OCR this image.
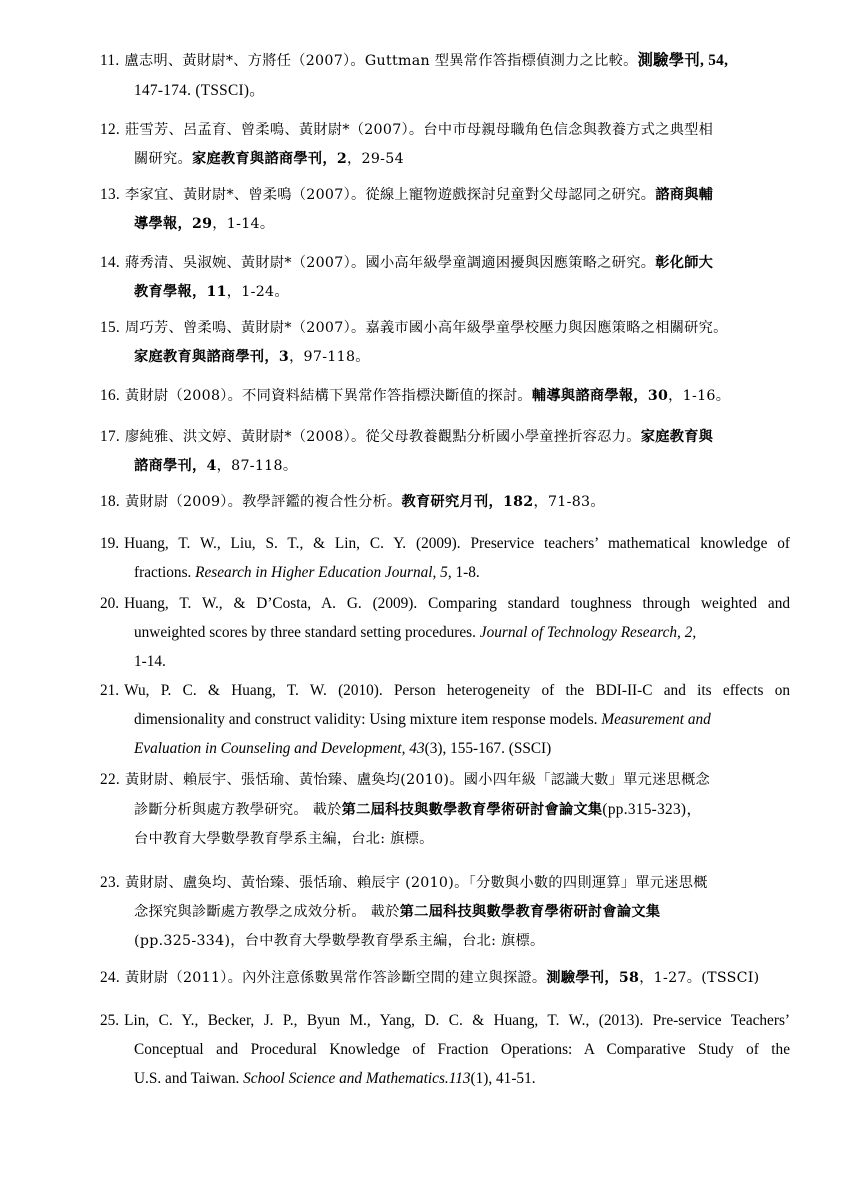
11. 盧志明、黃財尉*、方將任（2007）。Guttman 型異常作答指標偵測力之比較。測驗學刊, 54,
147-174. (TSSCI)。
12. 莊雪芳、呂孟育、曾柔鳴、黃財尉*（2007）。台中市母親母職角色信念與教養方式之典型相
關研究。家庭教育與諮商學刊，2，29-54
13. 李家宜、黃財尉*、曾柔鳴（2007）。從線上寵物遊戲探討兒童對父母認同之研究。諮商與輔
導學報，29，1-14。
14. 蔣秀清、吳淑婉、黃財尉*（2007）。國小高年級學童調適困擾與因應策略之研究。彰化師大
教育學報，11，1-24。
15. 周巧芳、曾柔鳴、黃財尉*（2007）。嘉義市國小高年級學童學校壓力與因應策略之相關研究。
家庭教育與諮商學刊，3，97-118。
16. 黃財尉（2008）。不同資料結構下異常作答指標決斷值的探討。輔導與諮商學報，30，1-16。
17. 廖純雅、洪文婷、黃財尉*（2008）。從父母教養觀點分析國小學童挫折容忍力。家庭教育與
諮商學刊，4，87-118。
18. 黃財尉（2009）。教學評鑑的複合性分析。教育研究月刊，182，71-83。
19. Huang, T. W., Liu, S. T., & Lin, C. Y. (2009). Preservice teachers’ mathematical knowledge of
fractions. Research in Higher Education Journal, 5, 1-8.
20. Huang, T. W., & D’Costa, A. G. (2009). Comparing standard toughness through weighted and
unweighted scores by three standard setting procedures. Journal of Technology Research, 2,
1-14.
21. Wu, P. C. & Huang, T. W. (2010). Person heterogeneity of the BDI-II-C and its effects on
dimensionality and construct validity: Using mixture item response models. Measurement and
Evaluation in Counseling and Development, 43(3), 155-167. (SSCI)
22. 黃財尉、賴辰宇、張恬瑜、黃怡臻、盧奐均(2010)。國小四年級「認識大數」單元迷思概念
診斷分析與處方教學研究。 載於第二屆科技與數學教育學術研討會論文集(pp.315-323)，
台中教育大學數學教育學系主編，台北: 旗標。
23. 黃財尉、盧奐均、黃怡臻、張恬瑜、賴辰宇 (2010)。「分數與小數的四則運算」單元迷思概
念探究與診斷處方教學之成效分析。 載於第二屆科技與數學教育學術研討會論文集
(pp.325-334)，台中教育大學數學教育學系主編，台北: 旗標。
24. 黃財尉（2011）。內外注意係數異常作答診斷空間的建立與探證。測驗學刊，58，1-27。(TSSCI)
25. Lin, C. Y., Becker, J. P., Byun M., Yang, D. C. & Huang, T. W., (2013). Pre-service Teachers’
Conceptual and Procedural Knowledge of Fraction Operations: A Comparative Study of the
U.S. and Taiwan. School Science and Mathematics.113(1), 41-51.
